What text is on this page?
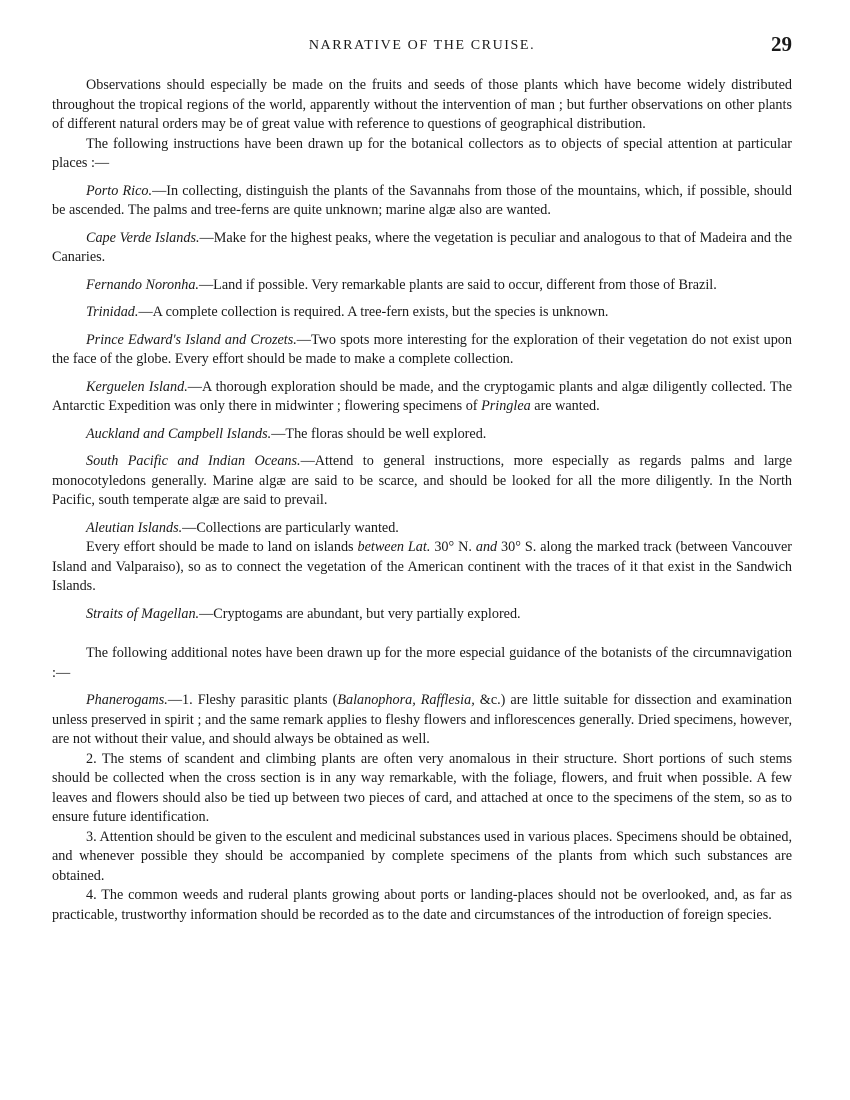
NARRATIVE OF THE CRUISE.	29

Observations should especially be made on the fruits and seeds of those plants which have become widely distributed throughout the tropical regions of the world, apparently without the intervention of man ; but further observations on other plants of different natural orders may be of great value with reference to questions of geographical distribution.

The following instructions have been drawn up for the botanical collectors as to objects of special attention at particular places :—

Porto Rico.—In collecting, distinguish the plants of the Savannahs from those of the mountains, which, if possible, should be ascended. The palms and tree-ferns are quite unknown; marine algæ also are wanted.

Cape Verde Islands.—Make for the highest peaks, where the vegetation is peculiar and analogous to that of Madeira and the Canaries.

Fernando Noronha.—Land if possible. Very remarkable plants are said to occur, different from those of Brazil.

Trinidad.—A complete collection is required. A tree-fern exists, but the species is unknown.

Prince Edward's Island and Crozets.—Two spots more interesting for the exploration of their vegetation do not exist upon the face of the globe. Every effort should be made to make a complete collection.

Kerguelen Island.—A thorough exploration should be made, and the cryptogamic plants and algæ diligently collected. The Antarctic Expedition was only there in midwinter ; flowering specimens of Pringlea are wanted.

Auckland and Campbell Islands.—The floras should be well explored.

South Pacific and Indian Oceans.—Attend to general instructions, more especially as regards palms and large monocotyledons generally. Marine algæ are said to be scarce, and should be looked for all the more diligently. In the North Pacific, south temperate algæ are said to prevail.

Aleutian Islands.—Collections are particularly wanted.

Every effort should be made to land on islands between Lat. 30° N. and 30° S. along the marked track (between Vancouver Island and Valparaiso), so as to connect the vegetation of the American continent with the traces of it that exist in the Sandwich Islands.

Straits of Magellan.—Cryptogams are abundant, but very partially explored.

The following additional notes have been drawn up for the more especial guidance of the botanists of the circumnavigation :—

Phanerogams.—1. Fleshy parasitic plants (Balanophora, Rafflesia, &c.) are little suitable for dissection and examination unless preserved in spirit ; and the same remark applies to fleshy flowers and inflorescences generally. Dried specimens, however, are not without their value, and should always be obtained as well.

2. The stems of scandent and climbing plants are often very anomalous in their structure. Short portions of such stems should be collected when the cross section is in any way remarkable, with the foliage, flowers, and fruit when possible. A few leaves and flowers should also be tied up between two pieces of card, and attached at once to the specimens of the stem, so as to ensure future identification.

3. Attention should be given to the esculent and medicinal substances used in various places. Specimens should be obtained, and whenever possible they should be accompanied by complete specimens of the plants from which such substances are obtained.

4. The common weeds and ruderal plants growing about ports or landing-places should not be overlooked, and, as far as practicable, trustworthy information should be recorded as to the date and circumstances of the introduction of foreign species.
